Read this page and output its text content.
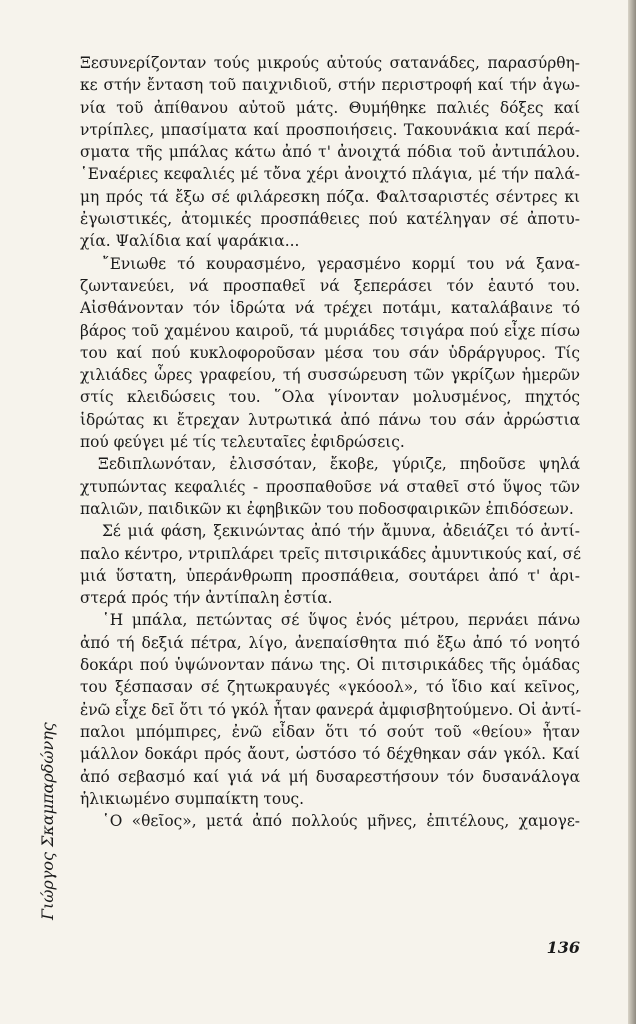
Ξεσυνερίζονταν τούς μικρούς αὐτούς σατανάδες, παρασύρθη-
κε στήν ἔνταση τοῦ παιχνιδιοῦ, στήν περιστροφή καί τήν ἀγω-
νία τοῦ ἀπίθανου αὐτοῦ μάτς. Θυμήθηκε παλιές δόξες καί
ντρίπλες, μπασίματα καί προσποιήσεις. Τακουνάκια καί περά-
σματα τῆς μπάλας κάτω ἀπό τ' ἀνοιχτά πόδια τοῦ ἀντιπάλου.
῾Εναέριες κεφαλιές μέ τὄνα χέρι ἀνοιχτό πλάγια, μέ τήν παλά-
μη πρός τά ἔξω σέ φιλάρεσκη πόζα. Φαλτσαριστές σέντρες κι
ἐγωιστικές, ἀτομικές προσπάθειες πού κατέληγαν σέ ἀποτυ-
χία. Ψαλίδια καί ψαράκια...
῎Ενιωθε τό κουρασμένο, γερασμένο κορμί του νά ξανα-
ζωντανεύει, νά προσπαθεῖ νά ξεπεράσει τόν ἑαυτό του.
Αἰσθάνονταν τόν ἱδρώτα νά τρέχει ποτάμι, καταλάβαινε τό
βάρος τοῦ χαμένου καιροῦ, τά μυριάδες τσιγάρα πού εἶχε πίσω
του καί πού κυκλοφοροῦσαν μέσα του σάν ὑδράργυρος. Τίς
χιλιάδες ὧρες γραφείου, τή συσσώρευση τῶν γκρίζων ἡμερῶν
στίς κλειδώσεις του. ῞Ολα γίνονταν μολυσμένος, πηχτός
ἱδρώτας κι ἔτρεχαν λυτρωτικά ἀπό πάνω του σάν ἀρρώστια
πού φεύγει μέ τίς τελευταῖες ἐφιδρώσεις.
Ξεδιπλωνόταν, ἑλισσόταν, ἔκοβε, γύριζε, πηδοῦσε ψηλά
χτυπώντας κεφαλιές - προσπαθοῦσε νά σταθεῖ στό ὕψος τῶν
παλιῶν, παιδικῶν κι ἐφηβικῶν του ποδοσφαιρικῶν ἐπιδόσεων.
Σέ μιά φάση, ξεκινώντας ἀπό τήν ἄμυνα, ἀδειάζει τό ἀντί-
παλο κέντρο, ντριπλάρει τρεῖς πιτσιρικάδες ἀμυντικούς καί, σέ
μιά ὕστατη, ὑπεράνθρωπη προσπάθεια, σουτάρει ἀπό τ' ἀρι-
στερά πρός τήν ἀντίπαλη ἑστία.
῾Η μπάλα, πετώντας σέ ὕψος ἑνός μέτρου, περνάει πάνω
ἀπό τή δεξιά πέτρα, λίγο, ἀνεπαίσθητα πιό ἔξω ἀπό τό νοητό
δοκάρι πού ὑψώνονταν πάνω της. Οἱ πιτσιρικάδες τῆς ὁμάδας
του ξέσπασαν σέ ζητωκραυγές «γκόοολ», τό ἴδιο καί κεῖνος,
ἐνῶ εἶχε δεῖ ὅτι τό γκόλ ἦταν φανερά ἀμφισβητούμενο. Οἱ ἀντί-
παλοι μπόμπιρες, ἐνῶ εἶδαν ὅτι τό σούτ τοῦ «θείου» ἦταν
μάλλον δοκάρι πρός ἄουτ, ὡστόσο τό δέχθηκαν σάν γκόλ. Καί
ἀπό σεβασμό καί γιά νά μή δυσαρεστήσουν τόν δυσανάλογα
ἡλικιωμένο συμπαίκτη τους.
῾Ο «θεῖος», μετά ἀπό πολλούς μῆνες, ἐπιτέλους, χαμογε-
Γιώργος Σκαμπαρδώνης
136
